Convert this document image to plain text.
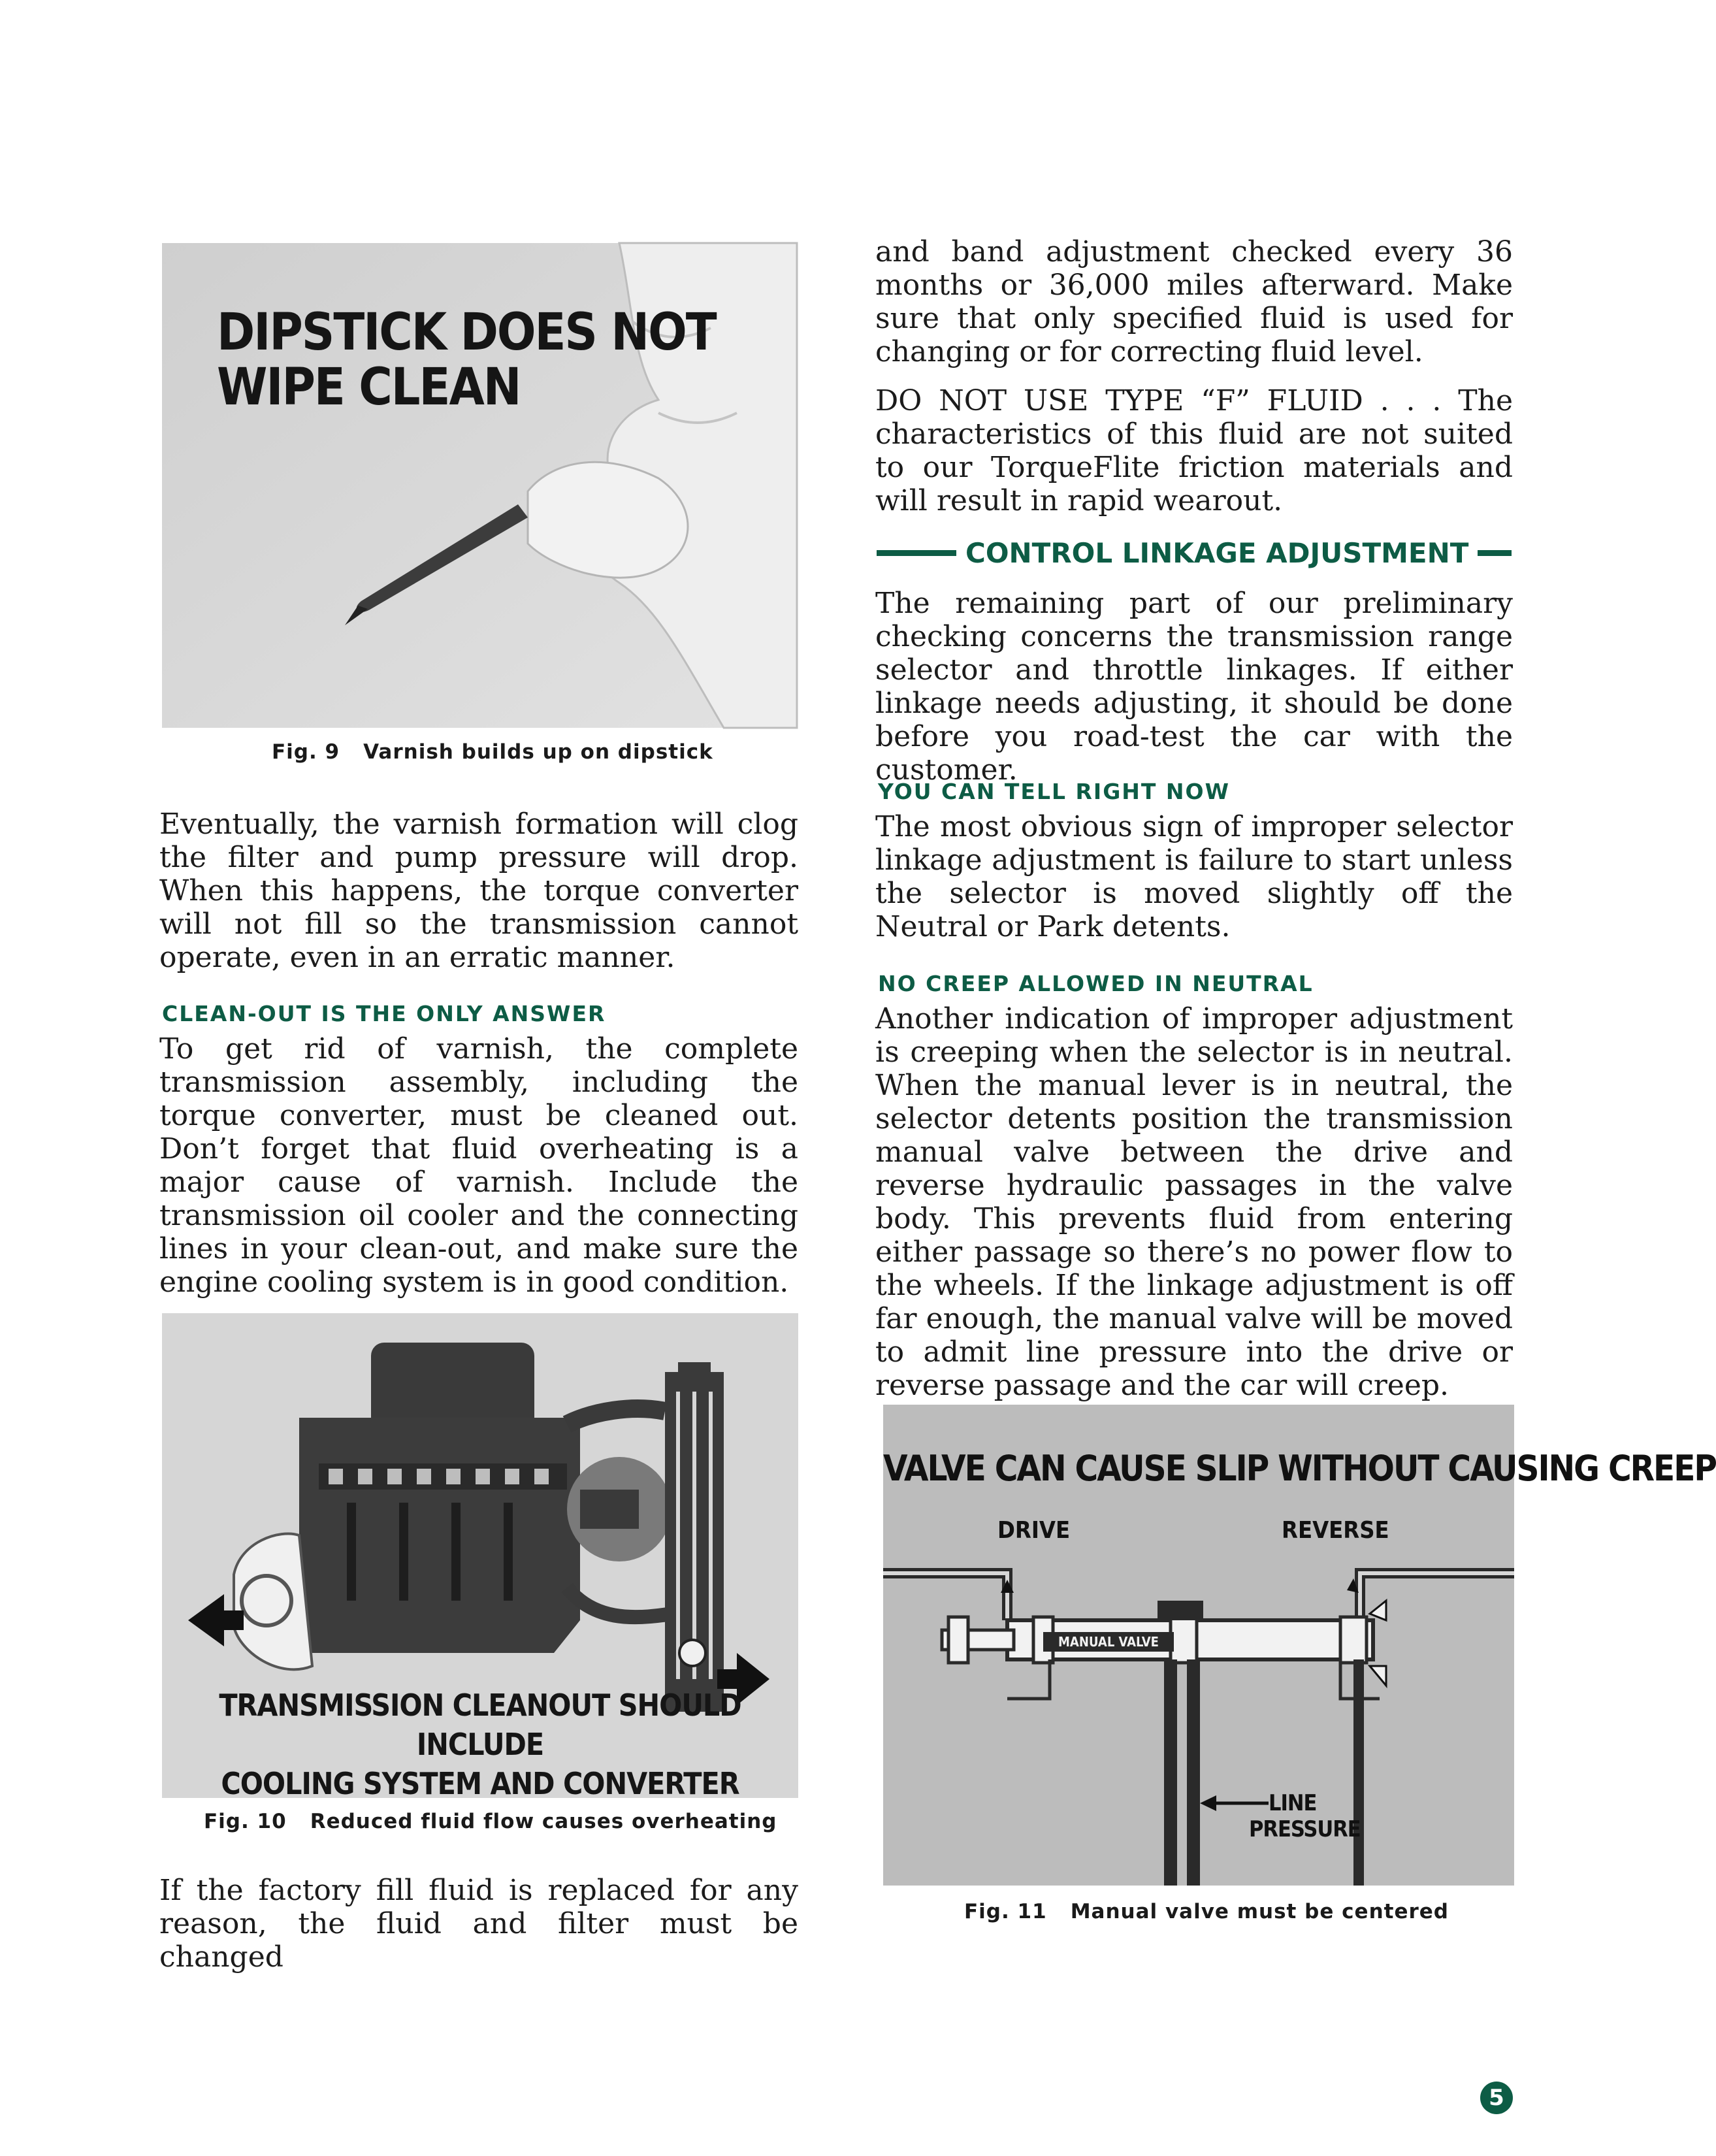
DIPSTICK DOES NOT
WIPE CLEAN
Fig. 9 Varnish builds up on dipstick

Eventually, the varnish formation will clog the filter and pump pressure will drop. When this happens, the torque converter will not fill so the transmission cannot operate, even in an erratic manner.

CLEAN-OUT IS THE ONLY ANSWER

To get rid of varnish, the complete transmission assembly, including the torque converter, must be cleaned out. Don’t forget that fluid overheating is a major cause of varnish. Include the transmission oil cooler and the connecting lines in your clean-out, and make sure the engine cooling system is in good condition.

TRANSMISSION CLEANOUT SHOULD INCLUDE
COOLING SYSTEM AND CONVERTER
Fig. 10 Reduced fluid flow causes overheating

If the factory fill fluid is replaced for any reason, the fluid and filter must be changed

and band adjustment checked every 36 months or 36,000 miles afterward. Make sure that only specified fluid is used for changing or for correcting fluid level.

DO NOT USE TYPE “F” FLUID . . . The characteristics of this fluid are not suited to our TorqueFlite friction materials and will result in rapid wearout.

CONTROL LINKAGE ADJUSTMENT

The remaining part of our preliminary checking concerns the transmission range selector and throttle linkages. If either linkage needs adjusting, it should be done before you road-test the car with the customer.

YOU CAN TELL RIGHT NOW

The most obvious sign of improper selector linkage adjustment is failure to start unless the selector is moved slightly off the Neutral or Park detents.

NO CREEP ALLOWED IN NEUTRAL

Another indication of improper adjustment is creeping when the selector is in neutral. When the manual lever is in neutral, the selector detents position the transmission manual valve between the drive and reverse hydraulic passages in the valve body. This prevents fluid from entering either passage so there’s no power flow to the wheels. If the linkage adjustment is off far enough, the manual valve will be moved to admit line pressure into the drive or reverse passage and the car will creep.

VALVE CAN CAUSE SLIP WITHOUT CAUSING CREEP
DRIVE	REVERSE
MANUAL VALVE
LINE
PRESSURE
Fig. 11 Manual valve must be centered
5
